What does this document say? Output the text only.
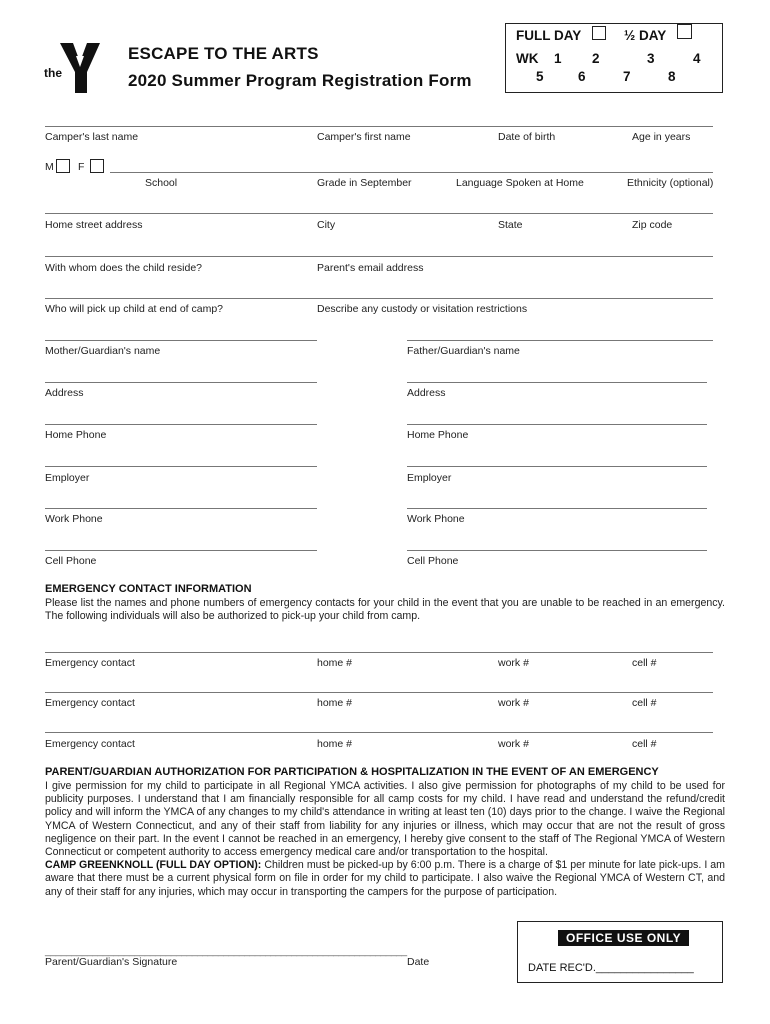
the
ESCAPE TO THE ARTS
2020 Summer Program Registration Form
FULL DAY	½ DAY
WK 1 2	3	4
5	6	7	8
Camper's last name	Camper's first name	Date of birth	Age in years
M F
School	Grade in September	Language Spoken at Home	Ethnicity (optional)
Home street address	City	State	Zip code
With whom does the child reside?	Parent's email address
Who will pick up child at end of camp?	Describe any custody or visitation restrictions
Mother/Guardian's name	Father/Guardian's name
Address	Address
Home Phone	Home Phone
Employer	Employer
Work Phone	Work Phone
Cell Phone	Cell Phone
EMERGENCY CONTACT INFORMATION

Please list the names and phone numbers of emergency contacts for your child in the event that you are unable to be reached in an emergency. The following individuals will also be authorized to pick-up your child from camp.

Emergency contact	home #	work #	cell #
Emergency contact	home #	work #	cell #
Emergency contact	home #	work #	cell #
PARENT/GUARDIAN AUTHORIZATION FOR PARTICIPATION & HOSPITALIZATION IN THE EVENT OF AN EMERGENCY

I give permission for my child to participate in all Regional YMCA activities. I also give permission for photographs of my child to be used for publicity purposes. I understand that I am financially responsible for all camp costs for my child. I have read and understand the refund/credit policy and will inform the YMCA of any changes to my child's attendance in writing at least ten (10) days prior to the change. I waive the Regional YMCA of Western Connecticut, and any of their staff from liability for any injuries or illness, which may occur that are not the result of gross negligence on their part. In the event I cannot be reached in an emergency, I hereby give consent to the staff of The Regional YMCA of Western Connecticut or competent authority to access emergency medical care and/or transportation to the hospital.
CAMP GREENKNOLL (FULL DAY OPTION): Children must be picked-up by 6:00 p.m. There is a charge of $1 per minute for late pick-ups. I am aware that there must be a current physical form on file in order for my child to participate. I also waive the Regional YMCA of Western CT, and any of their staff for any injuries, which may occur in transporting the campers for the purpose of participation.

_____________________________________________________________________
Parent/Guardian's Signature	Date
OFFICE USE ONLY
DATE REC'D.________________
